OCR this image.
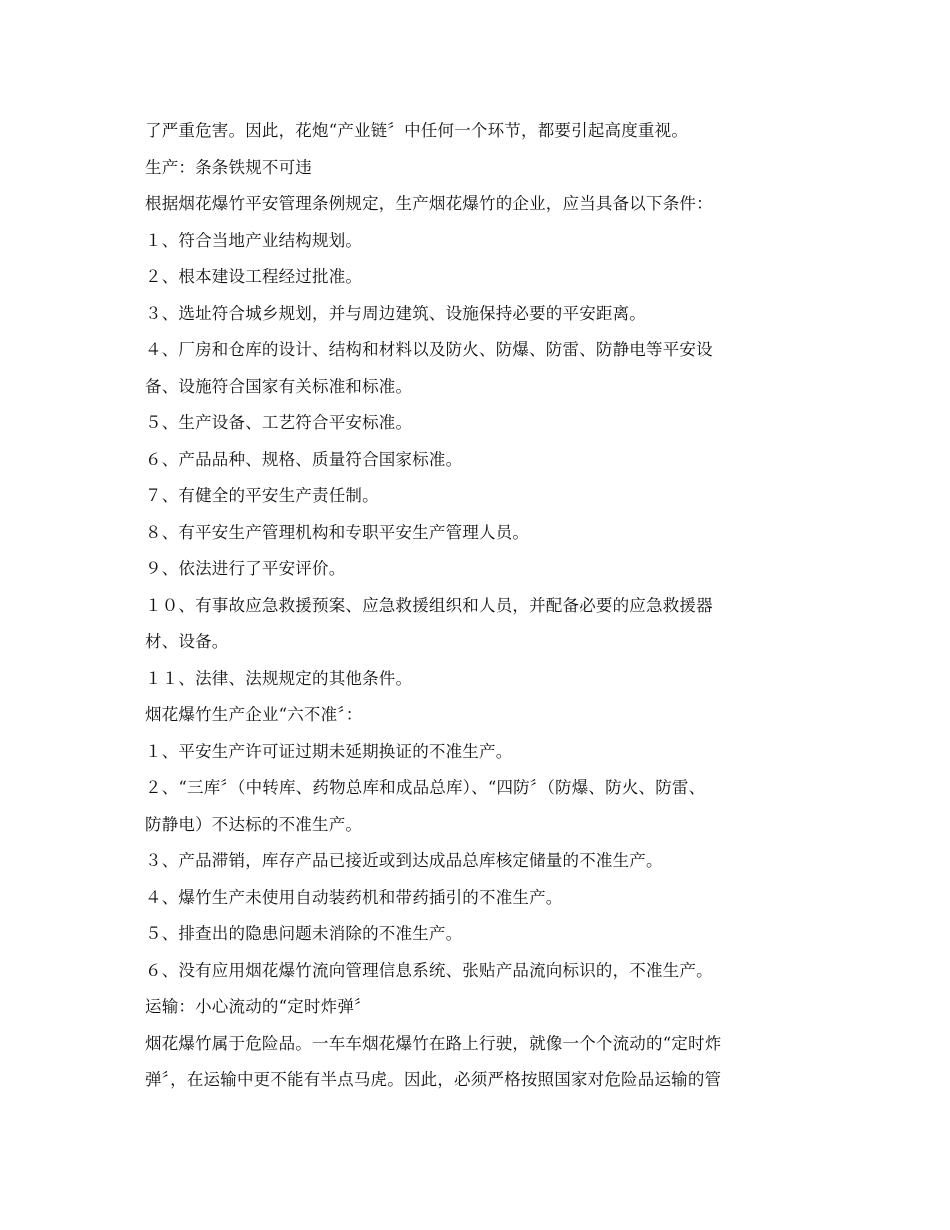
了严重危害。因此，花炮“产业链〞中任何一个环节，都要引起高度重视。
生产：条条铁规不可违
根据烟花爆竹平安管理条例规定，生产烟花爆竹的企业，应当具备以下条件：
１、符合当地产业结构规划。
２、根本建设工程经过批准。
３、选址符合城乡规划，并与周边建筑、设施保持必要的平安距离。
４、厂房和仓库的设计、结构和材料以及防火、防爆、防雷、防静电等平安设
备、设施符合国家有关标准和标准。
５、生产设备、工艺符合平安标准。
６、产品品种、规格、质量符合国家标准。
７、有健全的平安生产责任制。
８、有平安生产管理机构和专职平安生产管理人员。
９、依法进行了平安评价。
１０、有事故应急救援预案、应急救援组织和人员，并配备必要的应急救援器
材、设备。
１１、法律、法规规定的其他条件。
烟花爆竹生产企业“六不准〞：
１、平安生产许可证过期未延期换证的不准生产。
２、“三库〞（中转库、药物总库和成品总库）、“四防〞（防爆、防火、防雷、
防静电）不达标的不准生产。
３、产品滞销，库存产品已接近或到达成品总库核定储量的不准生产。
４、爆竹生产未使用自动装药机和带药插引的不准生产。
５、排查出的隐患问题未消除的不准生产。
６、没有应用烟花爆竹流向管理信息系统、张贴产品流向标识的，不准生产。
运输：小心流动的“定时炸弹〞
烟花爆竹属于危险品。一车车烟花爆竹在路上行驶，就像一个个流动的“定时炸
弹〞，在运输中更不能有半点马虎。因此，必须严格按照国家对危险品运输的管
